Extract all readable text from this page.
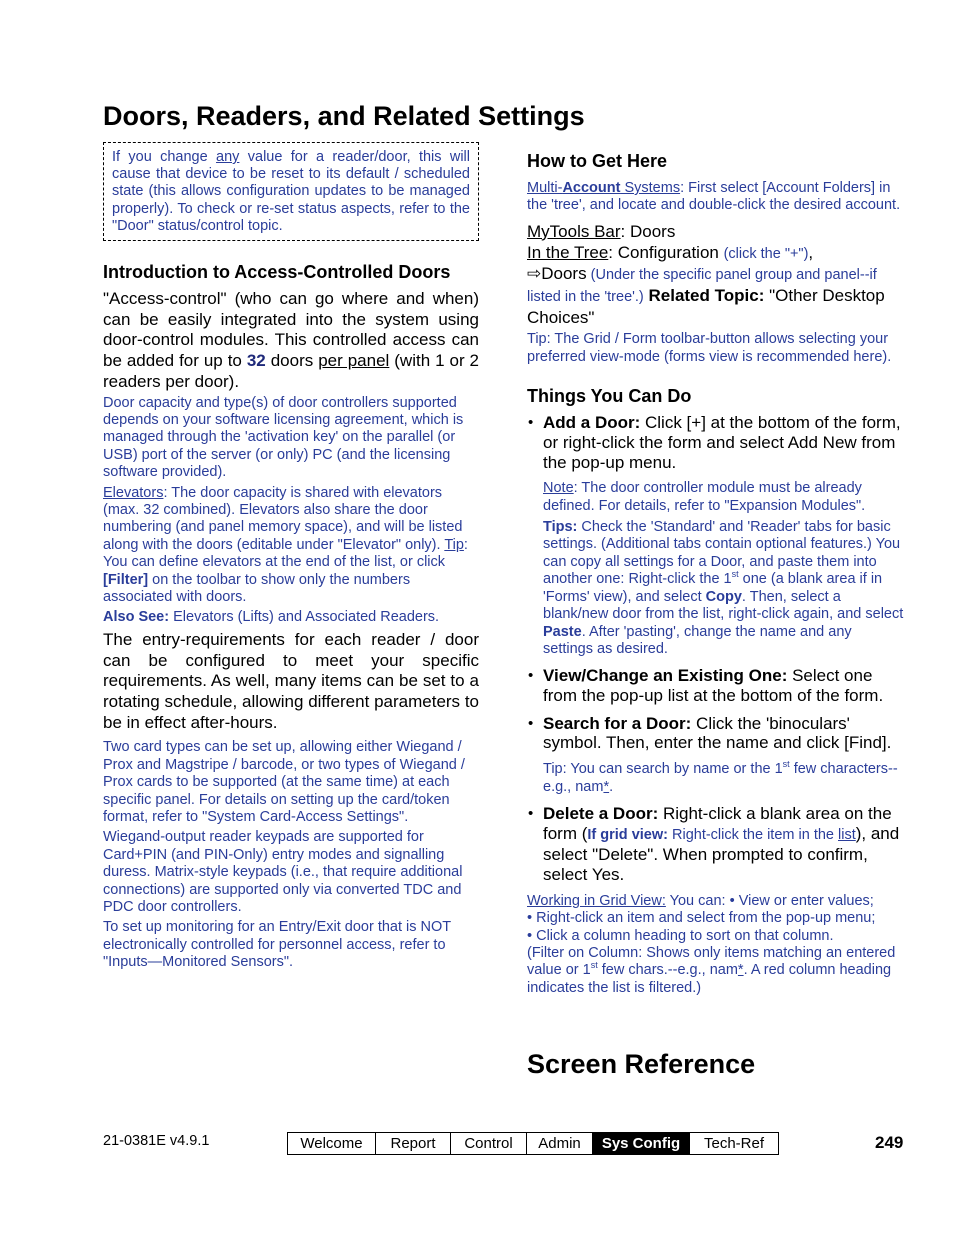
Doors, Readers, and Related Settings
If you change any value for a reader/door, this will cause that device to be reset to its default / scheduled state (this allows configuration updates to be managed properly). To check or re-set status aspects, refer to the "Door" status/control topic.
Introduction to Access-Controlled Doors

"Access-control" (who can go where and when) can be easily integrated into the system using door-control modules. This controlled access can be added for up to 32 doors per panel (with 1 or 2 readers per door).

Door capacity and type(s) of door controllers supported depends on your software licensing agreement, which is managed through the 'activation key' on the parallel (or USB) port of the server (or only) PC (and the licensing software provided).

Elevators: The door capacity is shared with elevators (max. 32 combined). Elevators also share the door numbering (and panel memory space), and will be listed along with the doors (editable under "Elevator" only). Tip: You can define elevators at the end of the list, or click [Filter] on the toolbar to show only the numbers associated with doors.

Also See: Elevators (Lifts) and Associated Readers.

The entry-requirements for each reader / door can be configured to meet your specific requirements. As well, many items can be set to a rotating schedule, allowing different parameters to be in effect after-hours.

Two card types can be set up, allowing either Wiegand / Prox and Magstripe / barcode, or two types of Wiegand / Prox cards to be supported (at the same time) at each specific panel. For details on setting up the card/token format, refer to "System Card-Access Settings".

Wiegand-output reader keypads are supported for Card+PIN (and PIN-Only) entry modes and signalling duress. Matrix-style keypads (i.e., that require additional connections) are supported only via converted TDC and PDC door controllers.

To set up monitoring for an Entry/Exit door that is NOT electronically controlled for personnel access, refer to "Inputs—Monitored Sensors".

How to Get Here

Multi-Account Systems: First select [Account Folders] in the 'tree', and locate and double-click the desired account.

MyTools Bar: Doors

In the Tree: Configuration (click the "+"),
⇨Doors (Under the specific panel group and panel--if listed in the 'tree'.) Related Topic: "Other Desktop Choices"

Tip: The Grid / Form toolbar-button allows selecting your preferred view-mode (forms view is recommended here).

Things You Can Do
• Add a Door: Click [+] at the bottom of the form, or right-click the form and select Add New from the pop-up menu.
Note: The door controller module must be already defined. For details, refer to "Expansion Modules".
Tips: Check the 'Standard' and 'Reader' tabs for basic settings. (Additional tabs contain optional features.) You can copy all settings for a Door, and paste them into another one: Right-click the 1st one (a blank area if in 'Forms' view), and select Copy. Then, select a blank/new door from the list, right-click again, and select Paste. After 'pasting', change the name and any settings as desired.
• View/Change an Existing One: Select one from the pop-up list at the bottom of the form.
• Search for a Door: Click the 'binoculars' symbol. Then, enter the name and click [Find].
Tip: You can search by name or the 1st few characters--e.g., nam*.
• Delete a Door: Right-click a blank area on the form (If grid view: Right-click the item in the list), and select "Delete". When prompted to confirm, select Yes.

Working in Grid View: You can: • View or enter values;
• Right-click an item and select from the pop-up menu;
• Click a column heading to sort on that column.
(Filter on Column: Shows only items matching an entered value or 1st few chars.--e.g., nam*. A red column heading indicates the list is filtered.)

Screen Reference
21-0381E v4.9.1	Welcome	Report	Control	Admin	Sys Config	Tech-Ref	249
